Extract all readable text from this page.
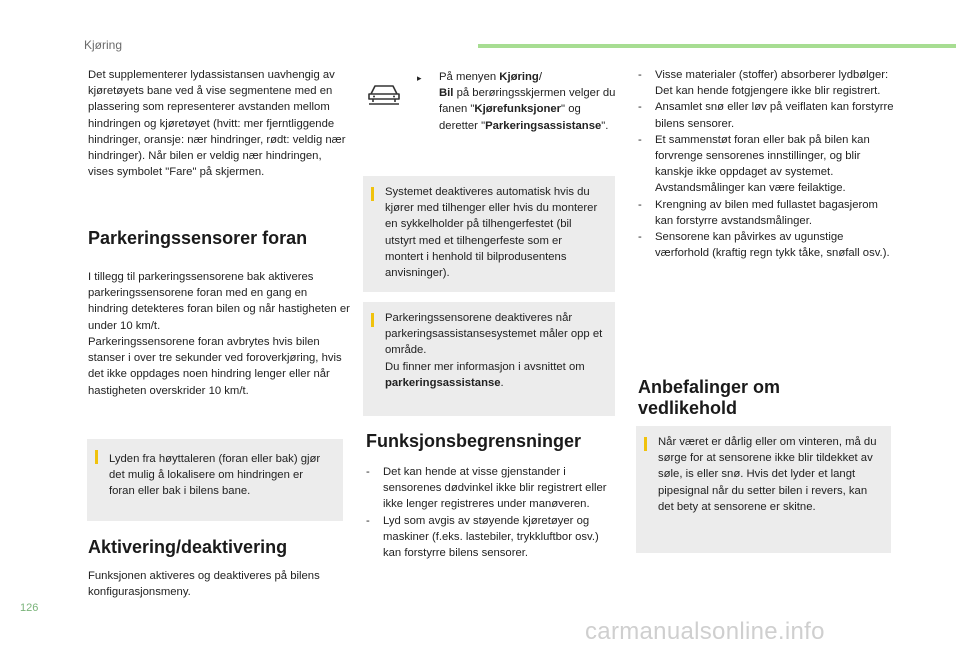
Kjøring
Det supplementerer lydassistansen uavhengig av kjøretøyets bane ved å vise segmentene med en plassering som representerer avstanden mellom hindringen og kjøretøyet (hvitt: mer fjerntliggende hindringer, oransje: nær hindringer, rødt: veldig nær hindringer). Når bilen er veldig nær hindringen, vises symbolet "Fare" på skjermen.
Parkeringssensorer foran
I tillegg til parkeringssensorene bak aktiveres parkeringssensorene foran med en gang en hindring detekteres foran bilen og når hastigheten er under 10 km/t.
Parkeringssensorene foran avbrytes hvis bilen stanser i over tre sekunder ved foroverkjøring, hvis det ikke oppdages noen hindring lenger eller når hastigheten overskrider 10 km/t.
Lyden fra høyttaleren (foran eller bak) gjør det mulig å lokalisere om hindringen er foran eller bak i bilens bane.
Aktivering/deaktivering
Funksjonen aktiveres og deaktiveres på bilens konfigurasjonsmeny.
▸ På menyen Kjøring/
Bil på berøringsskjermen velger du fanen "Kjørefunksjoner" og deretter "Parkeringsassistanse".
Systemet deaktiveres automatisk hvis du kjører med tilhenger eller hvis du monterer en sykkelholder på tilhengerfestet (bil utstyrt med et tilhengerfeste som er montert i henhold til bilprodusentens anvisninger).
Parkeringssensorene deaktiveres når parkeringsassistansesystemet måler opp et område.
Du finner mer informasjon i avsnittet om parkeringsassistanse.
Funksjonsbegrensninger
- Det kan hende at visse gjenstander i sensorenes dødvinkel ikke blir registrert eller ikke lenger registreres under manøveren.
- Lyd som avgis av støyende kjøretøyer og maskiner (f.eks. lastebiler, trykkluftbor osv.) kan forstyrre bilens sensorer.
- Visse materialer (stoffer) absorberer lydbølger: Det kan hende fotgjengere ikke blir registrert.
- Ansamlet snø eller løv på veiflaten kan forstyrre bilens sensorer.
- Et sammenstøt foran eller bak på bilen kan forvrenge sensorenes innstillinger, og blir kanskje ikke oppdaget av systemet. Avstandsmålinger kan være feilaktige.
- Krengning av bilen med fullastet bagasjerom kan forstyrre avstandsmålinger.
- Sensorene kan påvirkes av ugunstige værforhold (kraftig regn tykk tåke, snøfall osv.).
Anbefalinger om vedlikehold
Når været er dårlig eller om vinteren, må du sørge for at sensorene ikke blir tildekket av søle, is eller snø. Hvis det lyder et langt pipesignal når du setter bilen i revers, kan det bety at sensorene er skitne.
126
carmanualsonline.info
